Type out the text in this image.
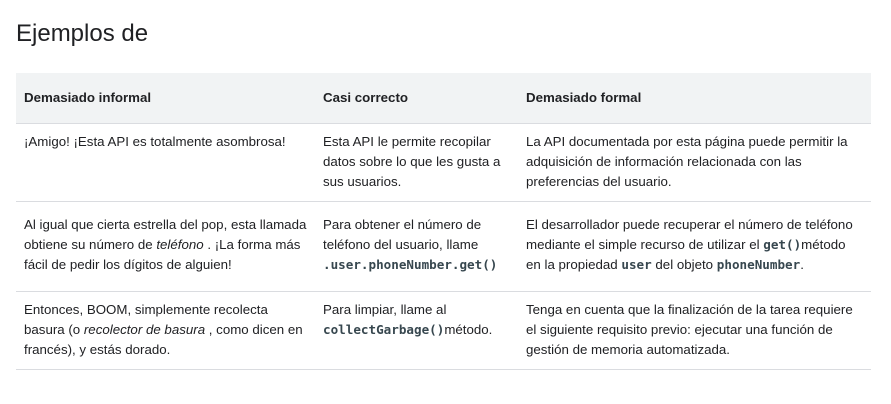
Ejemplos de
Demasiado informal	Casi correcto	Demasiado formal
¡Amigo! ¡Esta API es totalmente asombrosa!	Esta API le permite recopilar datos sobre lo que les gusta a sus usuarios.	La API documentada por esta página puede permitir la adquisición de información relacionada con las preferencias del usuario.
Al igual que cierta estrella del pop, esta llamada obtiene su número de teléfono . ¡La forma más fácil de pedir los dígitos de alguien!	Para obtener el número de teléfono del usuario, llame .user.phoneNumber.​get()	El desarrollador puede recuperar el número de teléfono mediante el simple recurso de utilizar el get()método en la propiedad user del objeto phoneNumber.
Entonces, BOOM, simplemente recolecta basura (o recolector de basura , como dicen en francés), y estás dorado.	Para limpiar, llame al collectGarbage()método.	Tenga en cuenta que la finalización de la tarea requiere el siguiente requisito previo: ejecutar una función de gestión de memoria automatizada.
